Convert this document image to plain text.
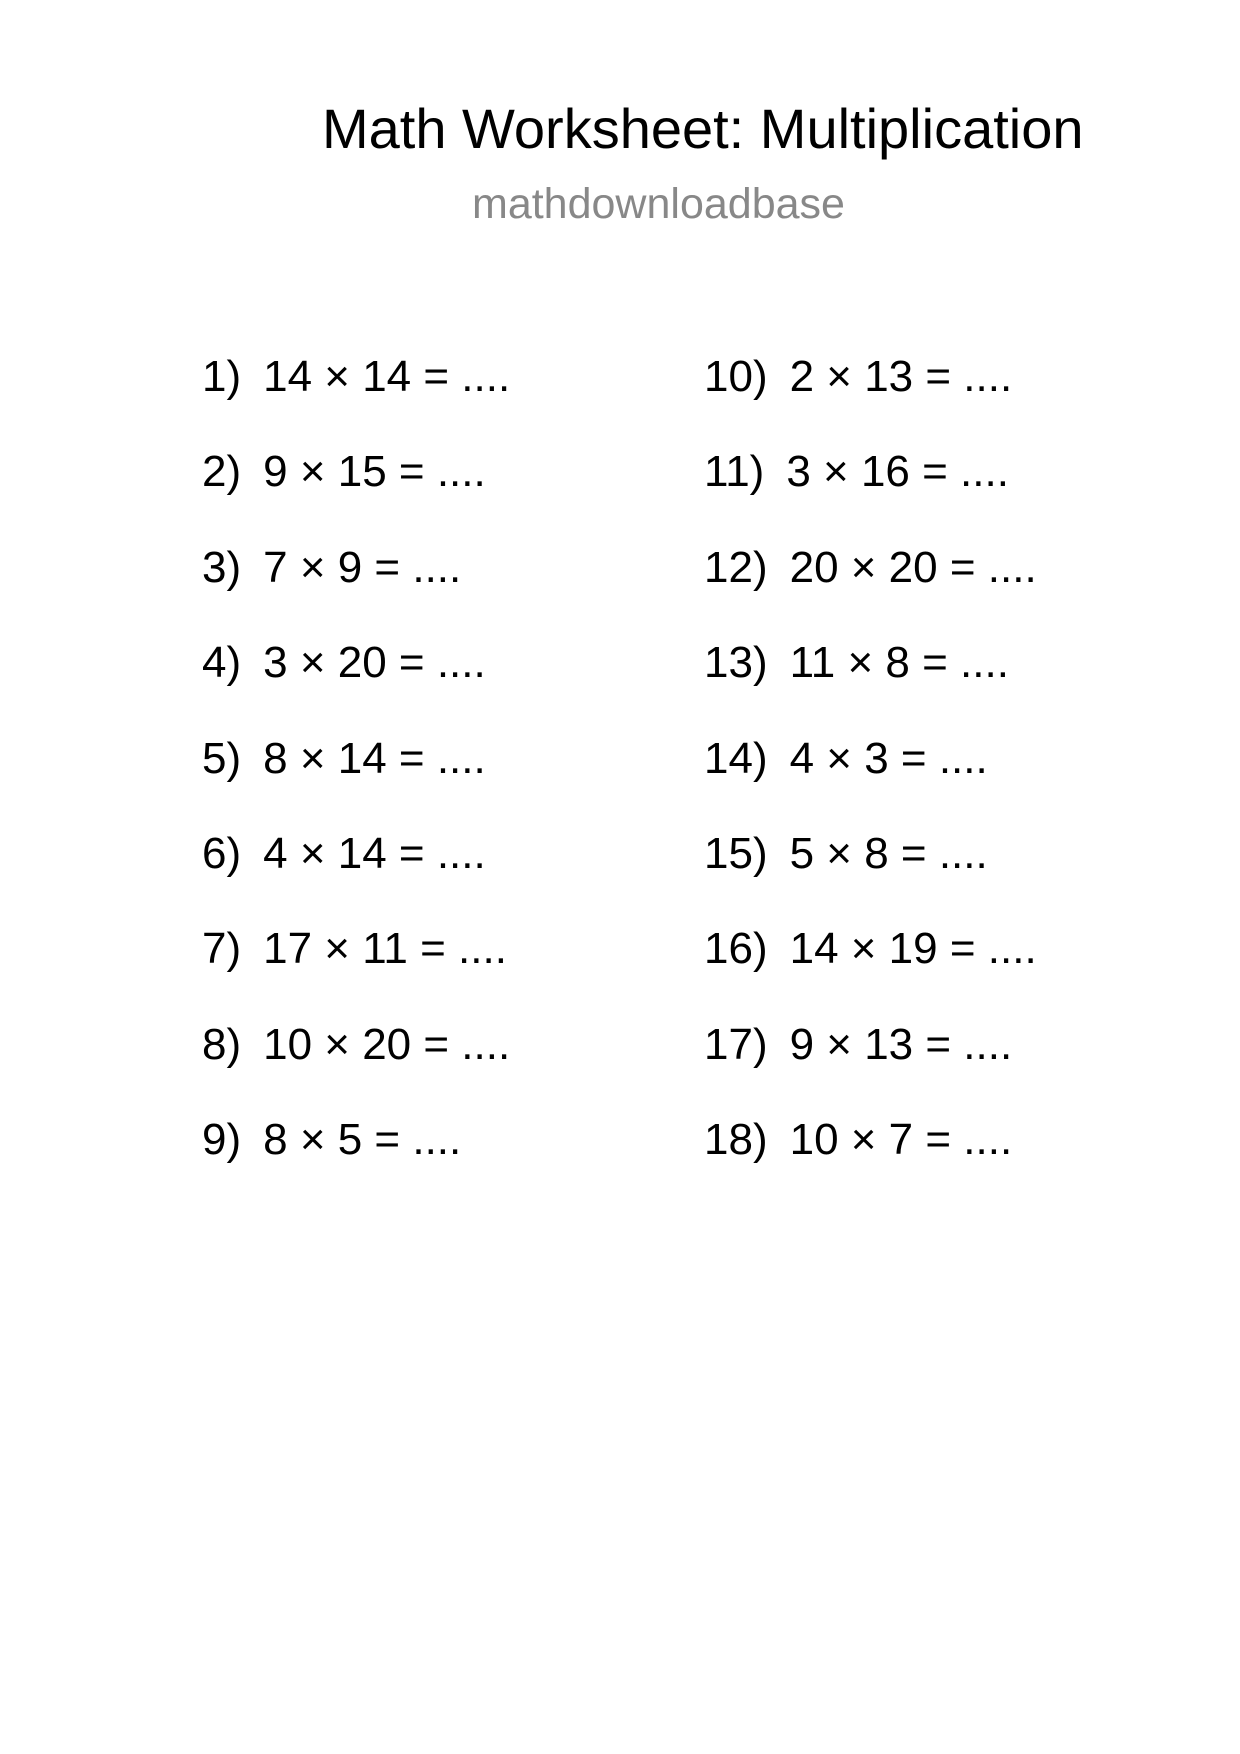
Math Worksheet: Multiplication
mathdownloadbase
1) 14 × 14 = ....
2) 9 × 15 = ....
3) 7 × 9 = ....
4) 3 × 20 = ....
5) 8 × 14 = ....
6) 4 × 14 = ....
7) 17 × 11 = ....
8) 10 × 20 = ....
9) 8 × 5 = ....
10) 2 × 13 = ....
11) 3 × 16 = ....
12) 20 × 20 = ....
13) 11 × 8 = ....
14) 4 × 3 = ....
15) 5 × 8 = ....
16) 14 × 19 = ....
17) 9 × 13 = ....
18) 10 × 7 = ....
